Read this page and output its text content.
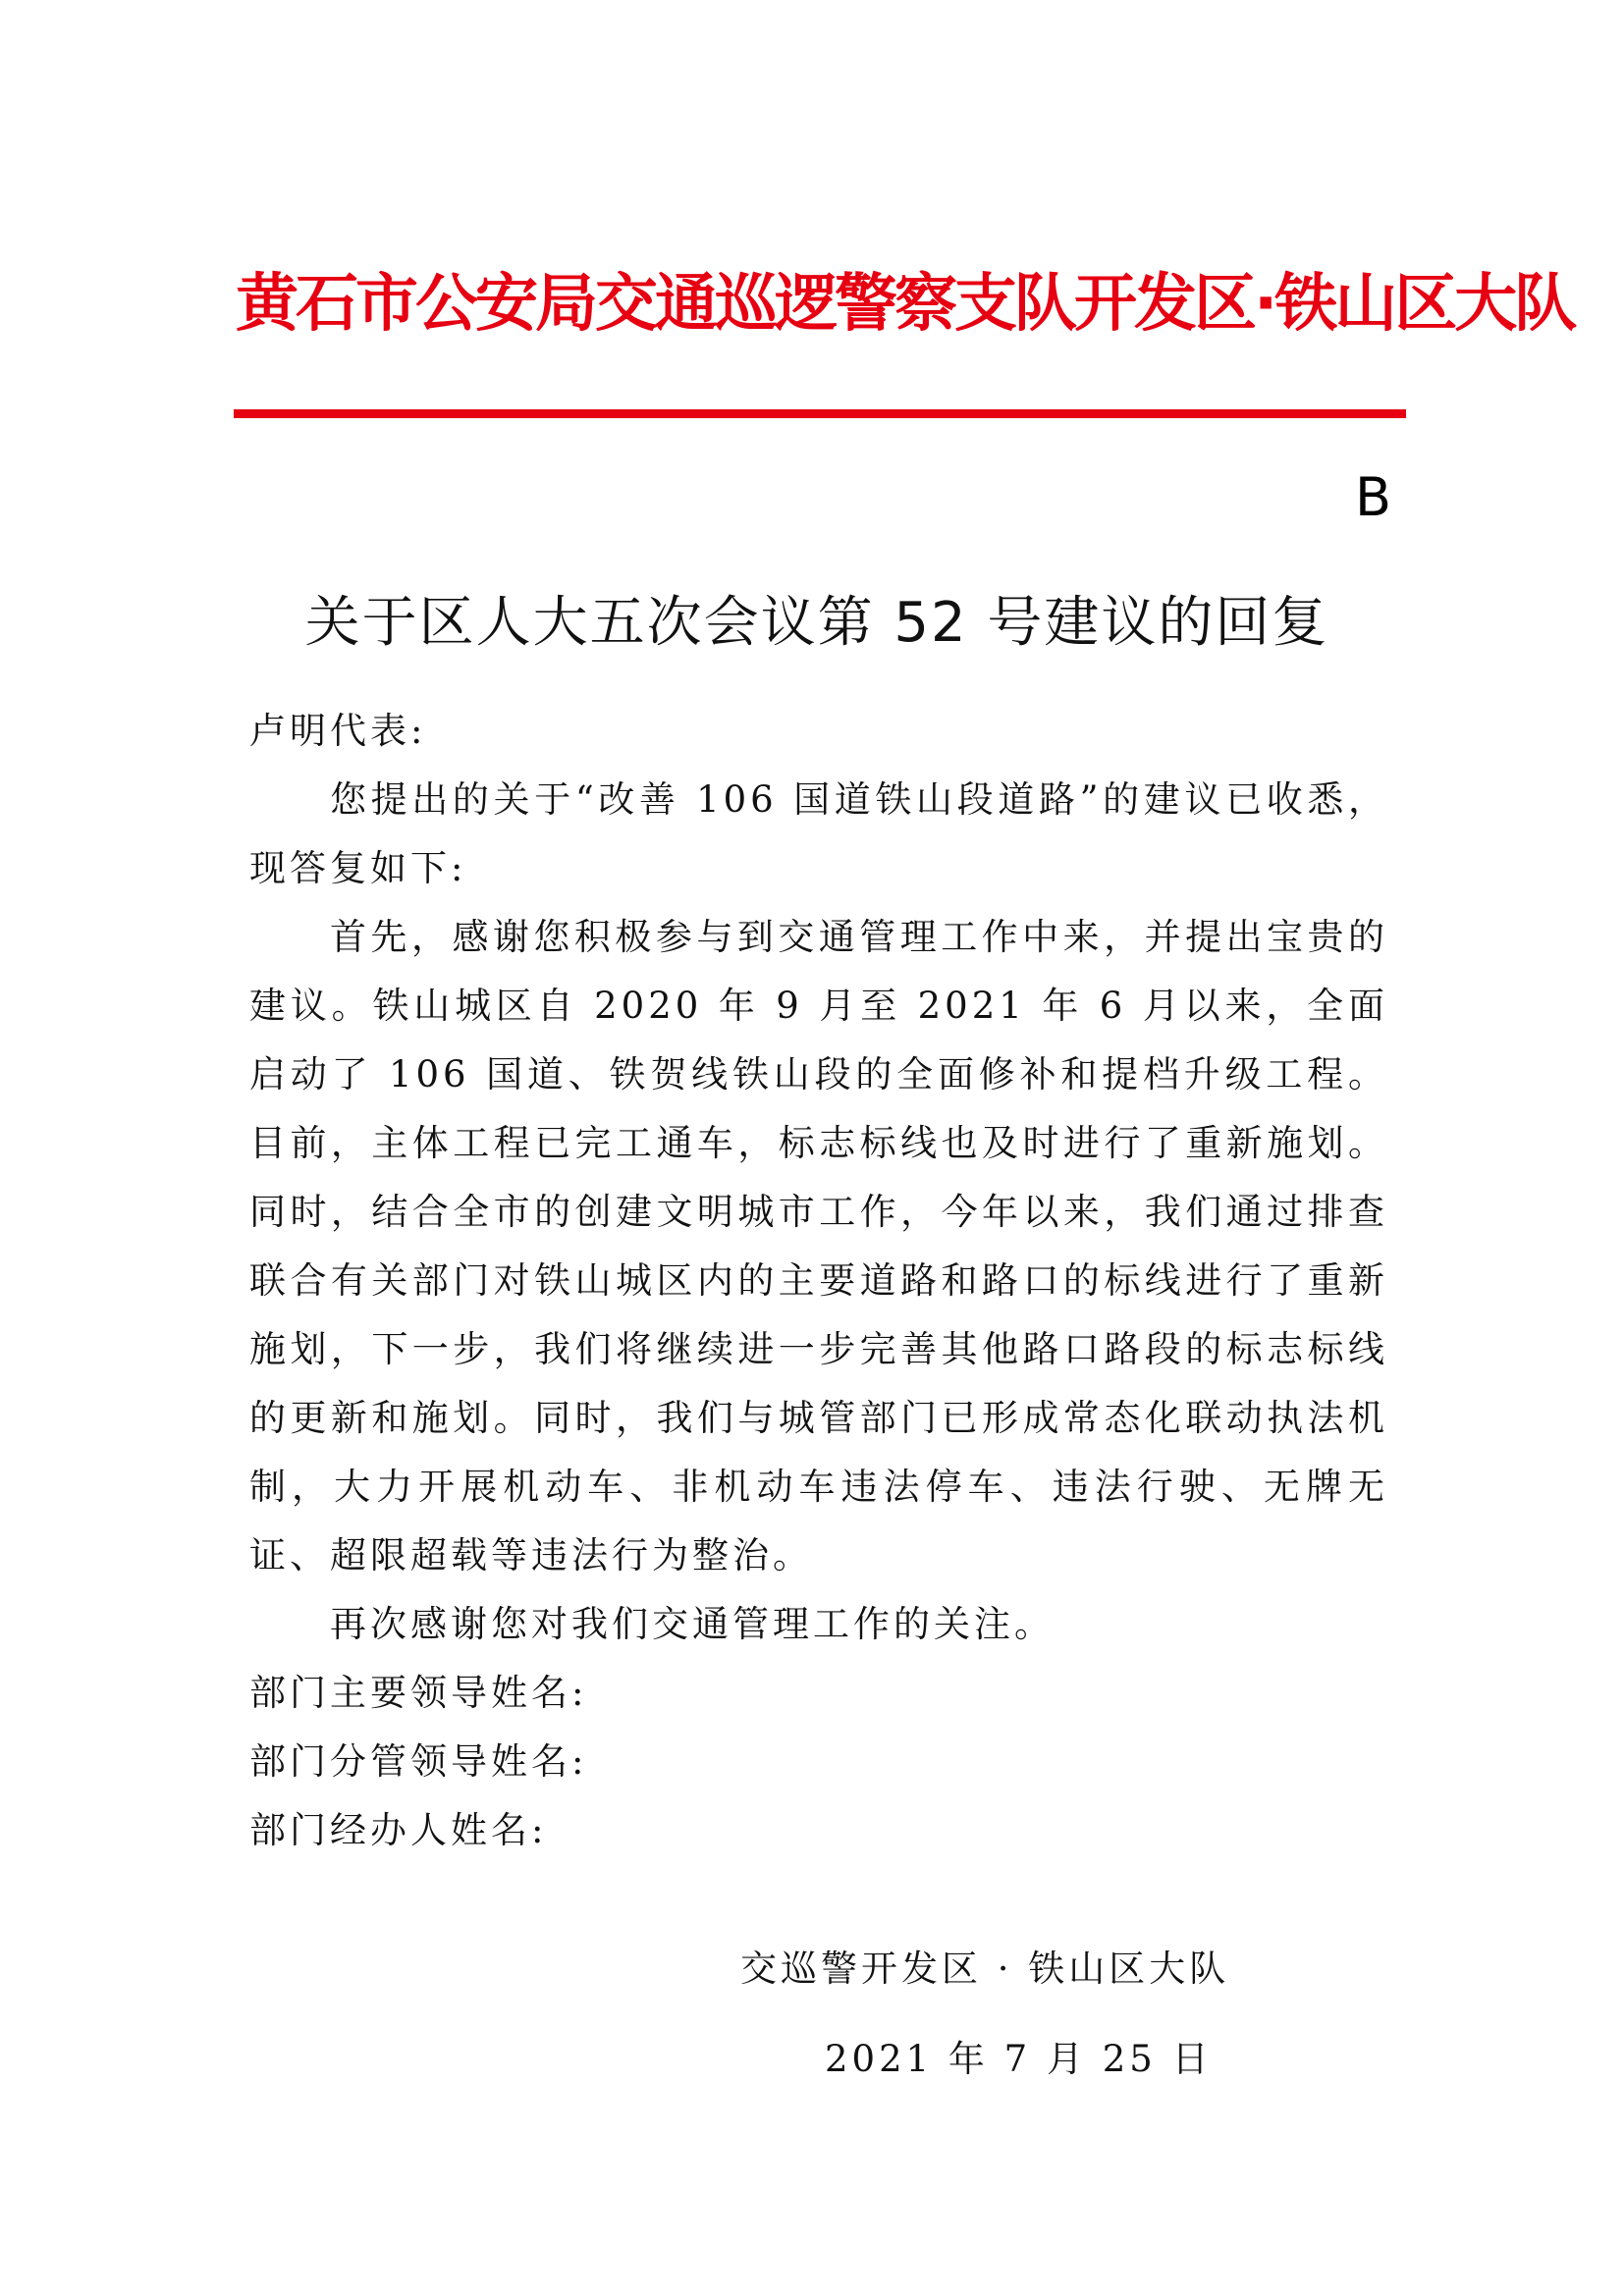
黄石市公安局交通巡逻警察支队开发区·铁山区大队
B
关于区人大五次会议第 52 号建议的回复

卢明代表:

您提出的关于“改善 106 国道铁山段道路”的建议已收悉，现答复如下:

首先，感谢您积极参与到交通管理工作中来，并提出宝贵的建议。铁山城区自 2020 年 9 月至 2021 年 6 月以来，全面启动了 106 国道、铁贺线铁山段的全面修补和提档升级工程。目前，主体工程已完工通车，标志标线也及时进行了重新施划。同时，结合全市的创建文明城市工作，今年以来，我们通过排查联合有关部门对铁山城区内的主要道路和路口的标线进行了重新施划，下一步，我们将继续进一步完善其他路口路段的标志标线的更新和施划。同时，我们与城管部门已形成常态化联动执法机制，大力开展机动车、非机动车违法停车、违法行驶、无牌无证、超限超载等违法行为整治。

再次感谢您对我们交通管理工作的关注。

部门主要领导姓名:

部门分管领导姓名:

部门经办人姓名:

交巡警开发区 · 铁山区大队
2021 年 7 月 25 日
